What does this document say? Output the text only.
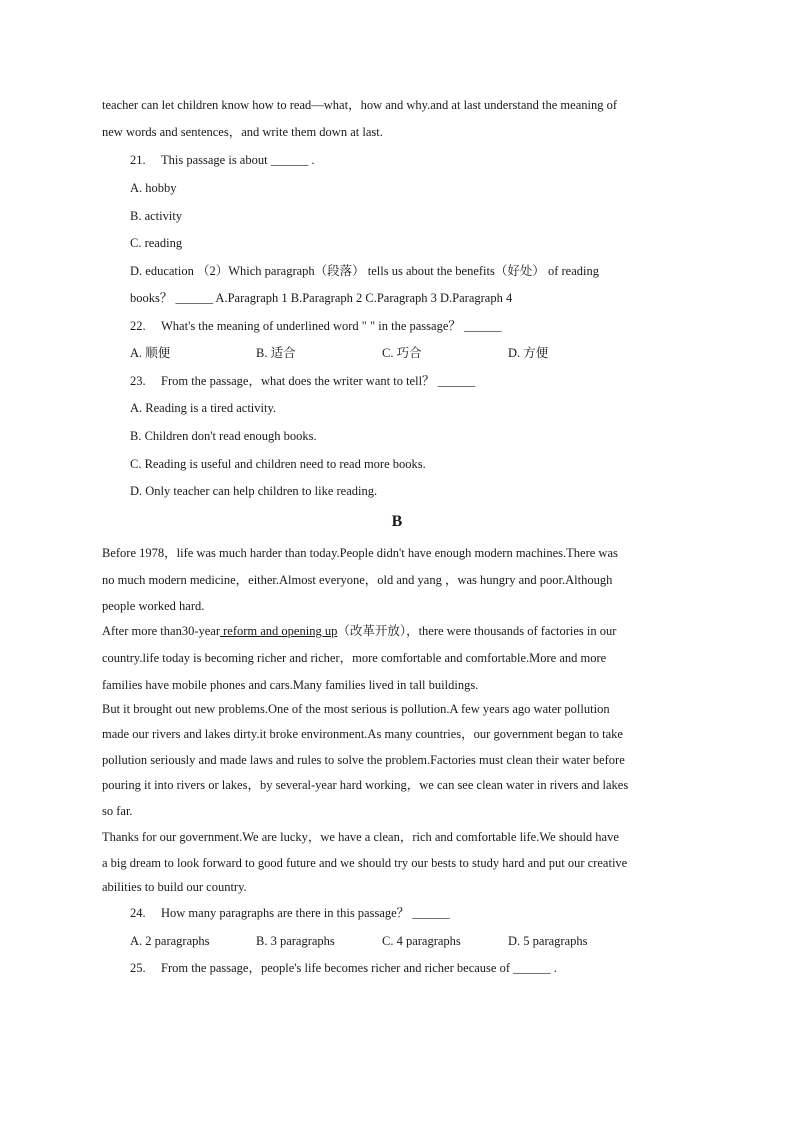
teacher can let children know how to read—what，how and why.and at last understand the meaning of
new words and sentences，and write them down at last.
21. This passage is about ______ .
A. hobby
B. activity
C. reading
D. education （2）Which paragraph（段落） tells us about the benefits（好处） of reading
books？ ______ A.Paragraph 1 B.Paragraph 2 C.Paragraph 3 D.Paragraph 4
22. What's the meaning of underlined word " " in the passage？ ______
A. 顺便	B. 适合	C. 巧合	D. 方便
23. From the passage，what does the writer want to tell？ ______
A. Reading is a tired activity.
B. Children don't read enough books.
C. Reading is useful and children need to read more books.
D. Only teacher can help children to like reading.
B
Before 1978，life was much harder than today.People didn't have enough modern machines.There was
no much modern medicine，either.Almost everyone，old and yang ，was hungry and poor.Although
people worked hard.
After more than30-year reform and opening up（改革开放），there were thousands of factories in our
country.life today is becoming richer and richer，more comfortable and comfortable.More and more
families have mobile phones and cars.Many families lived in tall buildings.
But it brought out new problems.One of the most serious is pollution.A few years ago water pollution
made our rivers and lakes dirty.it broke environment.As many countries，our government began to take
pollution seriously and made laws and rules to solve the problem.Factories must clean their water before
pouring it into rivers or lakes，by several-year hard working，we can see clean water in rivers and lakes
so far.
Thanks for our government.We are lucky，we have a clean，rich and comfortable life.We should have
a big dream to look forward to good future and we should try our bests to study hard and put our creative
abilities to build our country.
24. How many paragraphs are there in this passage？ ______
A. 2 paragraphs	B. 3 paragraphs	C. 4 paragraphs	D. 5 paragraphs
25. From the passage，people's life becomes richer and richer because of ______ .
